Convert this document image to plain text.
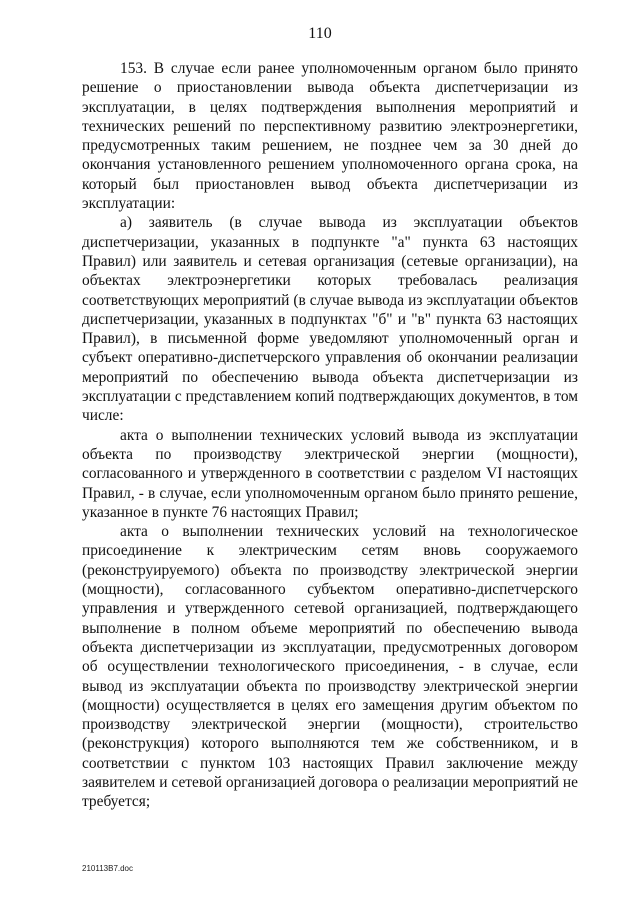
110

153. В случае если ранее уполномоченным органом было принято решение о приостановлении вывода объекта диспетчеризации из эксплуатации, в целях подтверждения выполнения мероприятий и технических решений по перспективному развитию электроэнергетики, предусмотренных таким решением, не позднее чем за 30 дней до окончания установленного решением уполномоченного органа срока, на который был приостановлен вывод объекта диспетчеризации из эксплуатации:

а) заявитель (в случае вывода из эксплуатации объектов диспетчеризации, указанных в подпункте "а" пункта 63 настоящих Правил) или заявитель и сетевая организация (сетевые организации), на объектах электроэнергетики которых требовалась реализация соответствующих мероприятий (в случае вывода из эксплуатации объектов диспетчеризации, указанных в подпунктах "б" и "в" пункта 63 настоящих Правил), в письменной форме уведомляют уполномоченный орган и субъект оперативно-диспетчерского управления об окончании реализации мероприятий по обеспечению вывода объекта диспетчеризации из эксплуатации с представлением копий подтверждающих документов, в том числе:

акта о выполнении технических условий вывода из эксплуатации объекта по производству электрической энергии (мощности), согласованного и утвержденного в соответствии с разделом VI настоящих Правил, - в случае, если уполномоченным органом было принято решение, указанное в пункте 76 настоящих Правил;

акта о выполнении технических условий на технологическое присоединение к электрическим сетям вновь сооружаемого (реконструируемого) объекта по производству электрической энергии (мощности), согласованного субъектом оперативно-диспетчерского управления и утвержденного сетевой организацией, подтверждающего выполнение в полном объеме мероприятий по обеспечению вывода объекта диспетчеризации из эксплуатации, предусмотренных договором об осуществлении технологического присоединения, - в случае, если вывод из эксплуатации объекта по производству электрической энергии (мощности) осуществляется в целях его замещения другим объектом по производству электрической энергии (мощности), строительство (реконструкция) которого выполняются тем же собственником, и в соответствии с пунктом 103 настоящих Правил заключение между заявителем и сетевой организацией договора о реализации мероприятий не требуется;

210113В7.doc
